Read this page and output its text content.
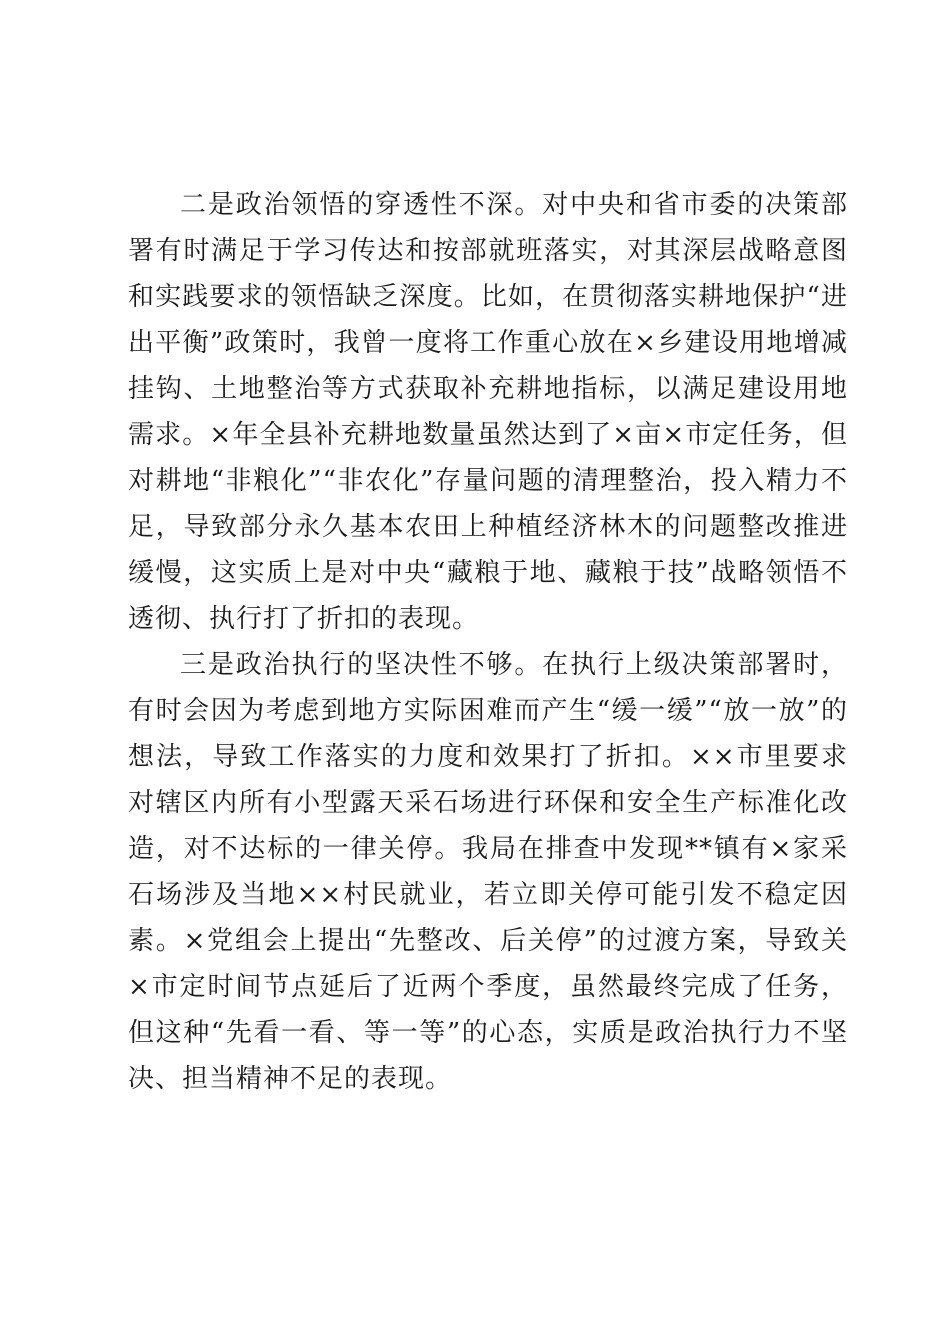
二是政治领悟的穿透性不深。对中央和省市委的决策部署有时满足于学习传达和按部就班落实，对其深层战略意图和实践要求的领悟缺乏深度。比如，在贯彻落实耕地保护“进出平衡”政策时，我曾一度将工作重心放在×乡建设用地增减挂钩、土地整治等方式获取补充耕地指标，以满足建设用地需求。×年全县补充耕地数量虽然达到了×亩×市定任务，但对耕地“非粮化”“非农化”存量问题的清理整治，投入精力不足，导致部分永久基本农田上种植经济林木的问题整改推进缓慢，这实质上是对中央“藏粮于地、藏粮于技”战略领悟不透彻、执行打了折扣的表现。

三是政治执行的坚决性不够。在执行上级决策部署时，有时会因为考虑到地方实际困难而产生“缓一缓”“放一放”的想法，导致工作落实的力度和效果打了折扣。××市里要求对辖区内所有小型露天采石场进行环保和安全生产标准化改造，对不达标的一律关停。我局在排查中发现**镇有×家采石场涉及当地××村民就业，若立即关停可能引发不稳定因素。×党组会上提出“先整改、后关停”的过渡方案，导致关×市定时间节点延后了近两个季度，虽然最终完成了任务，但这种“先看一看、等一等”的心态，实质是政治执行力不坚决、担当精神不足的表现。
